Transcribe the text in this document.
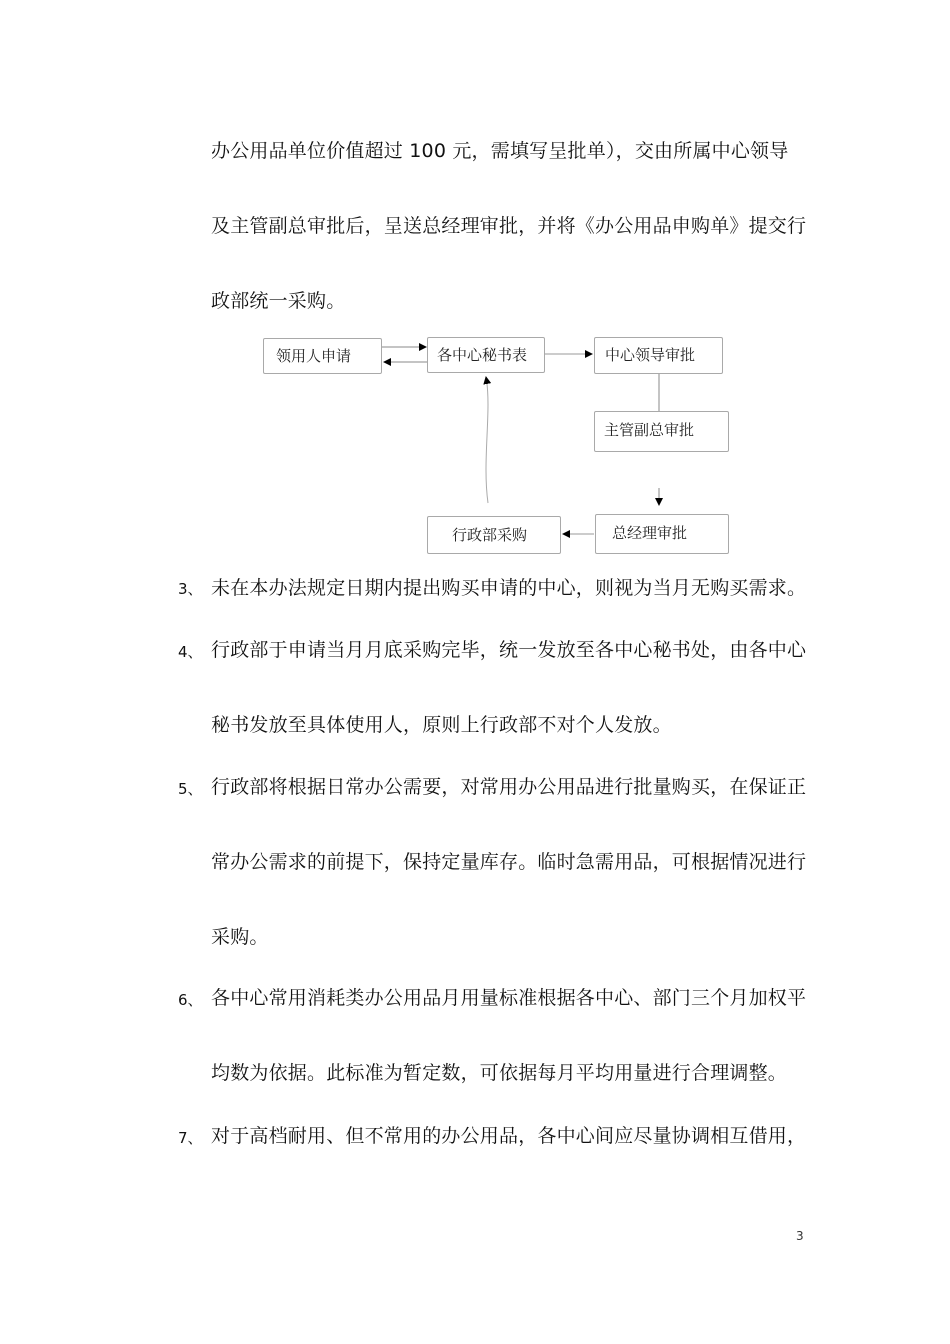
办公用品单位价值超过 100 元，需填写呈批单），交由所属中心领导
及主管副总审批后，呈送总经理审批，并将《办公用品申购单》提交行
政部统一采购。
领用人申请	各中心秘书表	中心领导审批
主管副总审批
总经理审批
行政部采购
3、 未在本办法规定日期内提出购买申请的中心，则视为当月无购买需求。
4、 行政部于申请当月月底采购完毕，统一发放至各中心秘书处，由各中心
秘书发放至具体使用人，原则上行政部不对个人发放。
5、 行政部将根据日常办公需要，对常用办公用品进行批量购买，在保证正
常办公需求的前提下，保持定量库存。临时急需用品，可根据情况进行
采购。
6、 各中心常用消耗类办公用品月用量标准根据各中心、部门三个月加权平
均数为依据。此标准为暂定数，可依据每月平均用量进行合理调整。
7、 对于高档耐用、但不常用的办公用品，各中心间应尽量协调相互借用，
3
